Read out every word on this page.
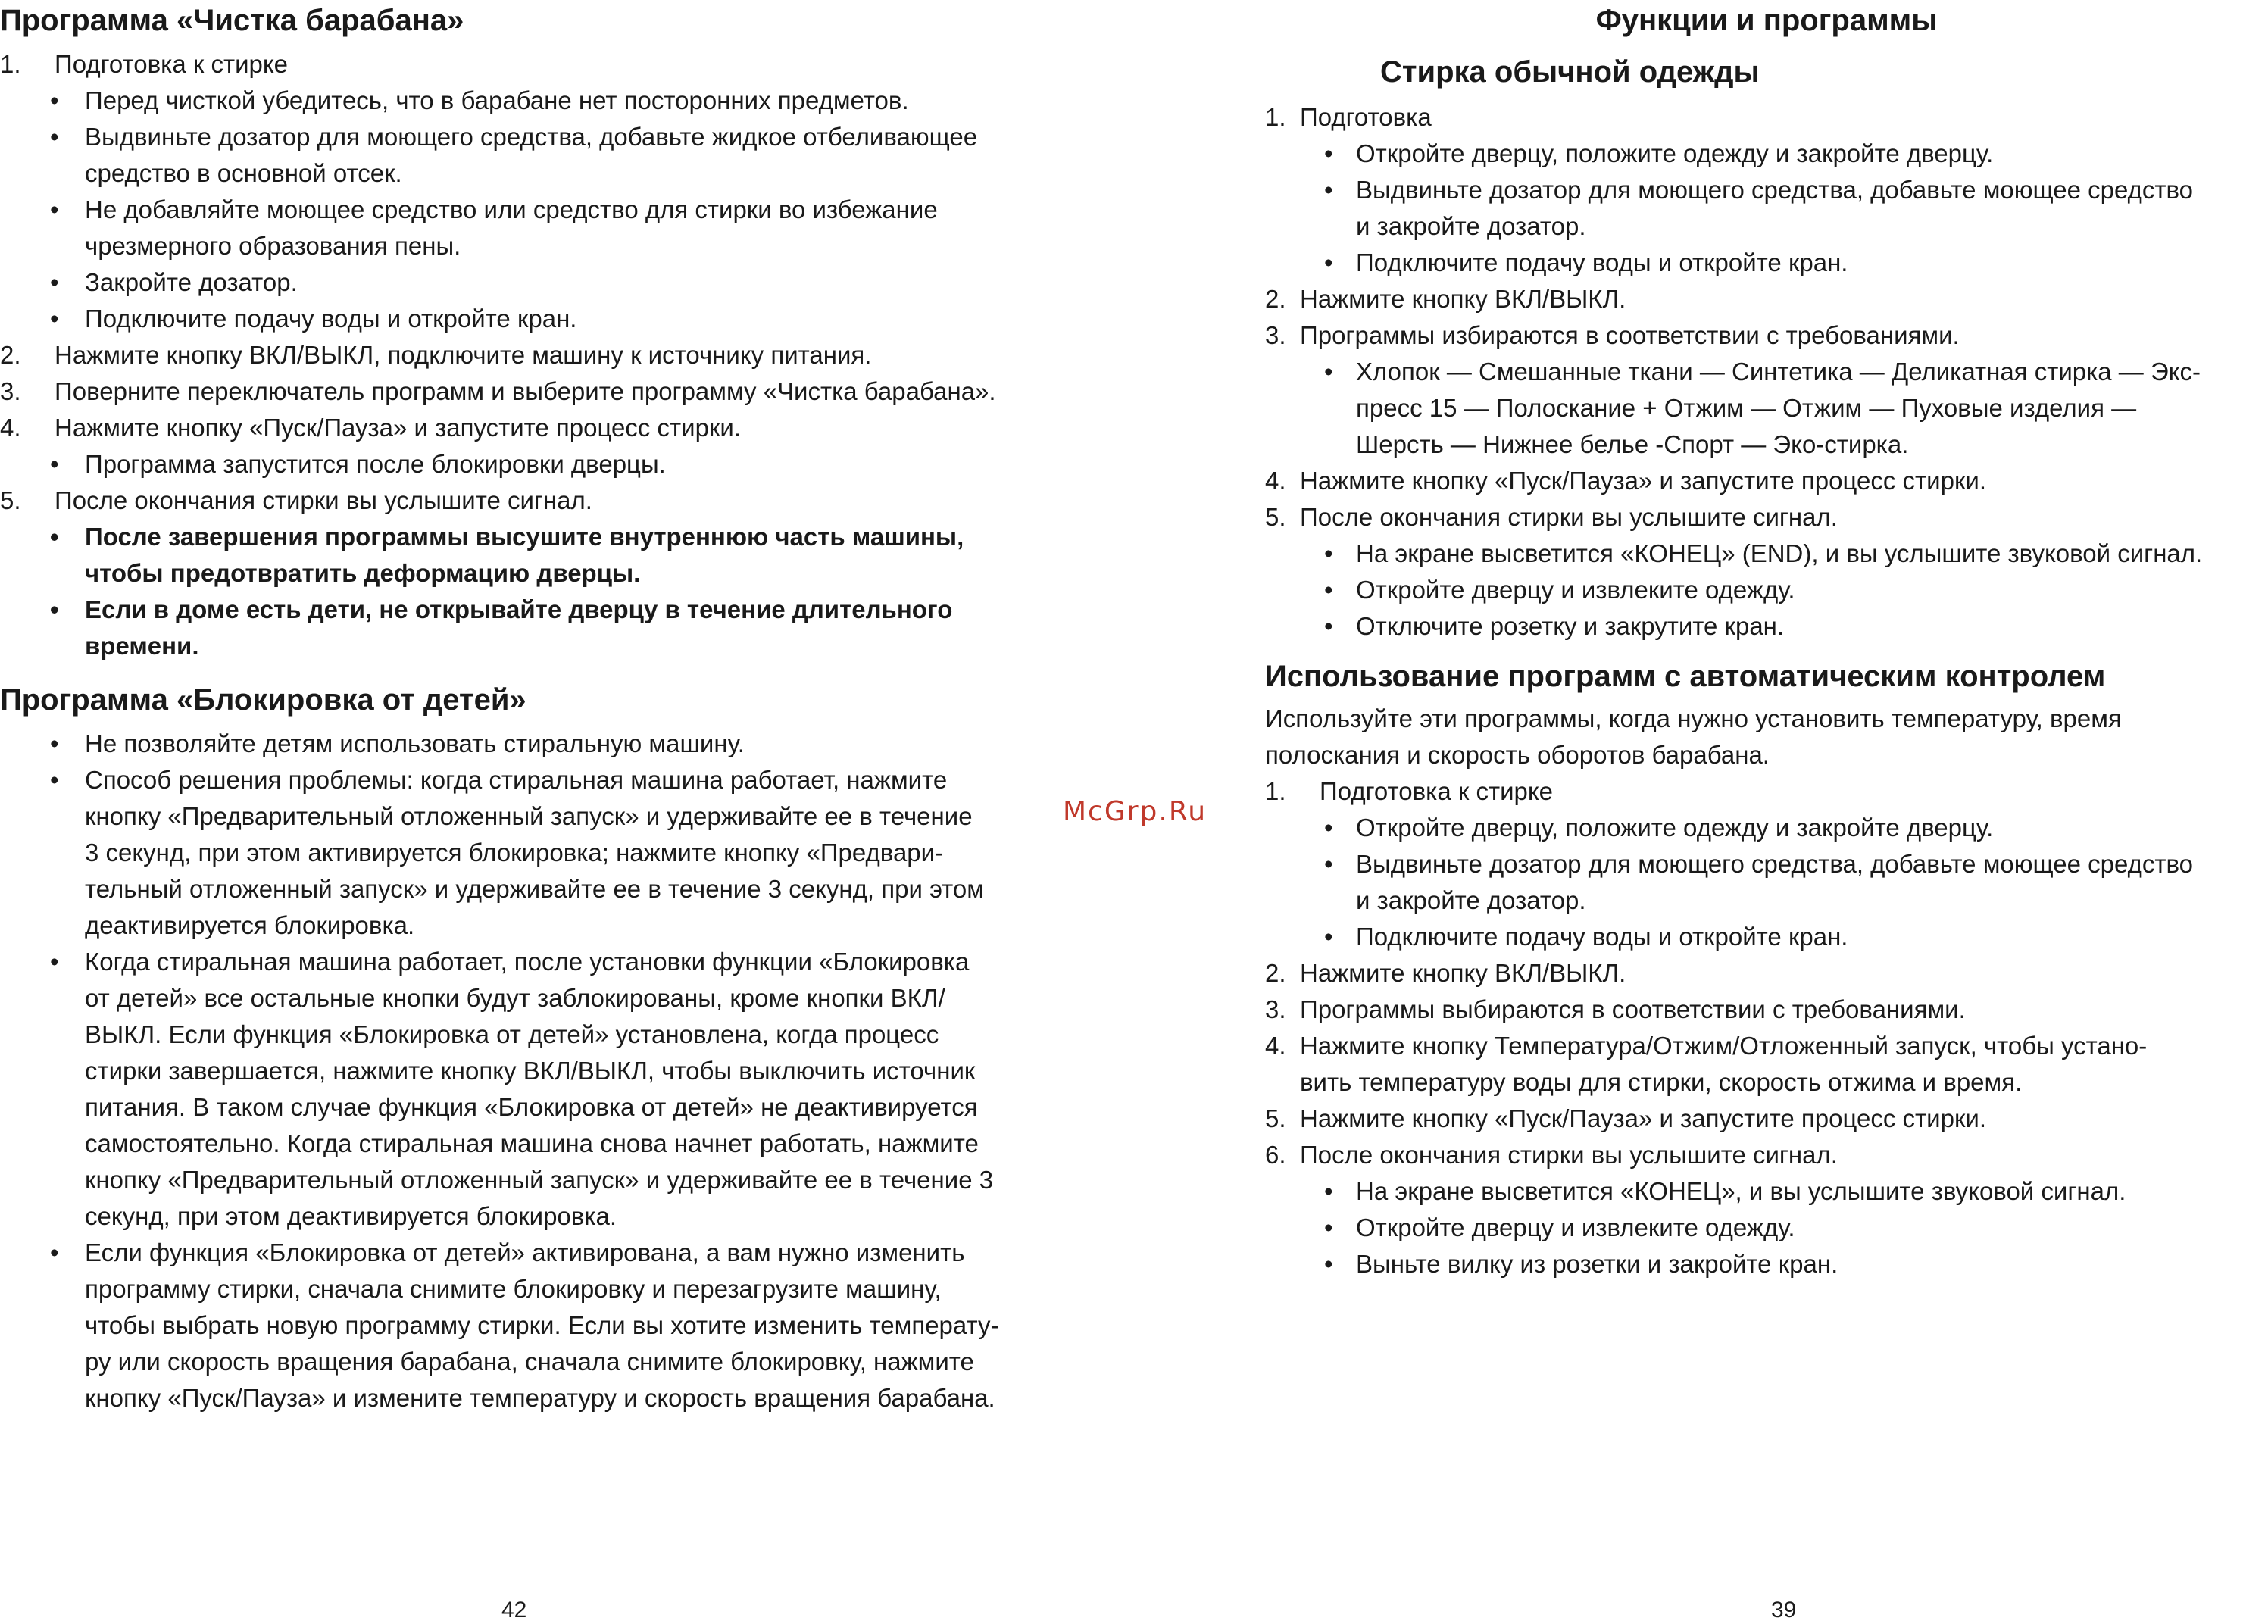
Программа «Чистка барабана»
1. Подготовка к стирке
• Перед чисткой убедитесь, что в барабане нет посторонних предметов.
• Выдвиньте дозатор для моющего средства, добавьте жидкое отбеливающее
средство в основной отсек.
• Не добавляйте моющее средство или средство для стирки во избежание
чрезмерного образования пены.
• Закройте дозатор.
• Подключите подачу воды и откройте кран.
2. Нажмите кнопку ВКЛ/ВЫКЛ, подключите машину к источнику питания.
3. Поверните переключатель программ и выберите программу «Чистка барабана».
4. Нажмите кнопку «Пуск/Пауза» и запустите процесс стирки.
• Программа запустится после блокировки дверцы.
5. После окончания стирки вы услышите сигнал.
• После завершения программы высушите внутреннюю часть машины,
чтобы предотвратить деформацию дверцы.
• Если в доме есть дети, не открывайте дверцу в течение длительного
времени.
Программа «Блокировка от детей»
• Не позволяйте детям использовать стиральную машину.
• Способ решения проблемы: когда стиральная машина работает, нажмите
кнопку «Предварительный отложенный запуск» и удерживайте ее в течение
3 секунд, при этом активируется блокировка; нажмите кнопку «Предвари-
тельный отложенный запуск» и удерживайте ее в течение 3 секунд, при этом
деактивируется блокировка.
• Когда стиральная машина работает, после установки функции «Блокировка
от детей» все остальные кнопки будут заблокированы, кроме кнопки ВКЛ/
ВЫКЛ. Если функция «Блокировка от детей» установлена, когда процесс
стирки завершается, нажмите кнопку ВКЛ/ВЫКЛ, чтобы выключить источник
питания. В таком случае функция «Блокировка от детей» не деактивируется
самостоятельно. Когда стиральная машина снова начнет работать, нажмите
кнопку «Предварительный отложенный запуск» и удерживайте ее в течение 3
секунд, при этом деактивируется блокировка.
• Если функция «Блокировка от детей» активирована, а вам нужно изменить
программу стирки, сначала снимите блокировку и перезагрузите машину,
чтобы выбрать новую программу стирки. Если вы хотите изменить температу-
ру или скорость вращения барабана, сначала снимите блокировку, нажмите
кнопку «Пуск/Пауза» и измените температуру и скорость вращения барабана.
42
McGrp.Ru
Функции и программы
Стирка обычной одежды
1. Подготовка
• Откройте дверцу, положите одежду и закройте дверцу.
• Выдвиньте дозатор для моющего средства, добавьте моющее средство
и закройте дозатор.
• Подключите подачу воды и откройте кран.
2. Нажмите кнопку ВКЛ/ВЫКЛ.
3. Программы избираются в соответствии с требованиями.
• Хлопок — Смешанные ткани — Синтетика — Деликатная стирка — Экс-
пресс 15 — Полоскание + Отжим — Отжим — Пуховые изделия —
Шерсть — Нижнее белье -Спорт — Эко-стирка.
4. Нажмите кнопку «Пуск/Пауза» и запустите процесс стирки.
5. После окончания стирки вы услышите сигнал.
• На экране высветится «КОНЕЦ» (END), и вы услышите звуковой сигнал.
• Откройте дверцу и извлеките одежду.
• Отключите розетку и закрутите кран.
Использование программ с автоматическим контролем
Используйте эти программы, когда нужно установить температуру, время
полоскания и скорость оборотов барабана.
1. Подготовка к стирке
• Откройте дверцу, положите одежду и закройте дверцу.
• Выдвиньте дозатор для моющего средства, добавьте моющее средство
и закройте дозатор.
• Подключите подачу воды и откройте кран.
2. Нажмите кнопку ВКЛ/ВЫКЛ.
3. Программы выбираются в соответствии с требованиями.
4. Нажмите кнопку Температура/Отжим/Отложенный запуск, чтобы устано-
вить температуру воды для стирки, скорость отжима и время.
5. Нажмите кнопку «Пуск/Пауза» и запустите процесс стирки.
6. После окончания стирки вы услышите сигнал.
• На экране высветится «КОНЕЦ», и вы услышите звуковой сигнал.
• Откройте дверцу и извлеките одежду.
• Выньте вилку из розетки и закройте кран.
39
